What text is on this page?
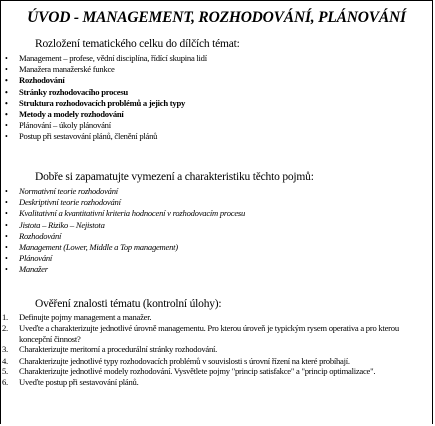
ÚVOD - MANAGEMENT, ROZHODOVÁNÍ, PLÁNOVÁNÍ
Rozložení tematického celku do dílčích témat:
• Management – profese, vědní disciplína, řídící skupina lidí
• Manažera manažerské funkce
• Rozhodování
• Stránky rozhodovacího procesu
• Struktura rozhodovacích problémů a jejich typy
• Metody a modely rozhodování
• Plánování – úkoly plánování
• Postup při sestavování plánů, členění plánů
Dobře si zapamatujte vymezení a charakteristiku těchto pojmů:
• Normativní teorie rozhodování
• Deskriptivní teorie rozhodování
• Kvalitativní a kvantitativní kriteria hodnocení v rozhodovacím procesu
• Jistota – Riziko – Nejistota
• Rozhodování
• Management (Lower, Middle a Top management)
• Plánování
• Manažer
Ověření znalosti tématu (kontrolní úlohy):
1. Definujte pojmy management a manažer.
2. Uveďte a charakterizujte jednotlivé úrovně managementu. Pro kterou úroveň je typickým rysem operativa a pro kterou koncepční činnost?
3. Charakterizujte meritorní a procedurální stránky rozhodování.
4. Charakterizujte jednotlivé typy rozhodovacích problémů v souvislosti s úrovní řízení na které probíhají.
5. Charakterizujte jednotlivé modely rozhodování. Vysvětlete pojmy "princip satisfakce" a "princip optimalizace".
6. Uveďte postup při sestavování plánů.
